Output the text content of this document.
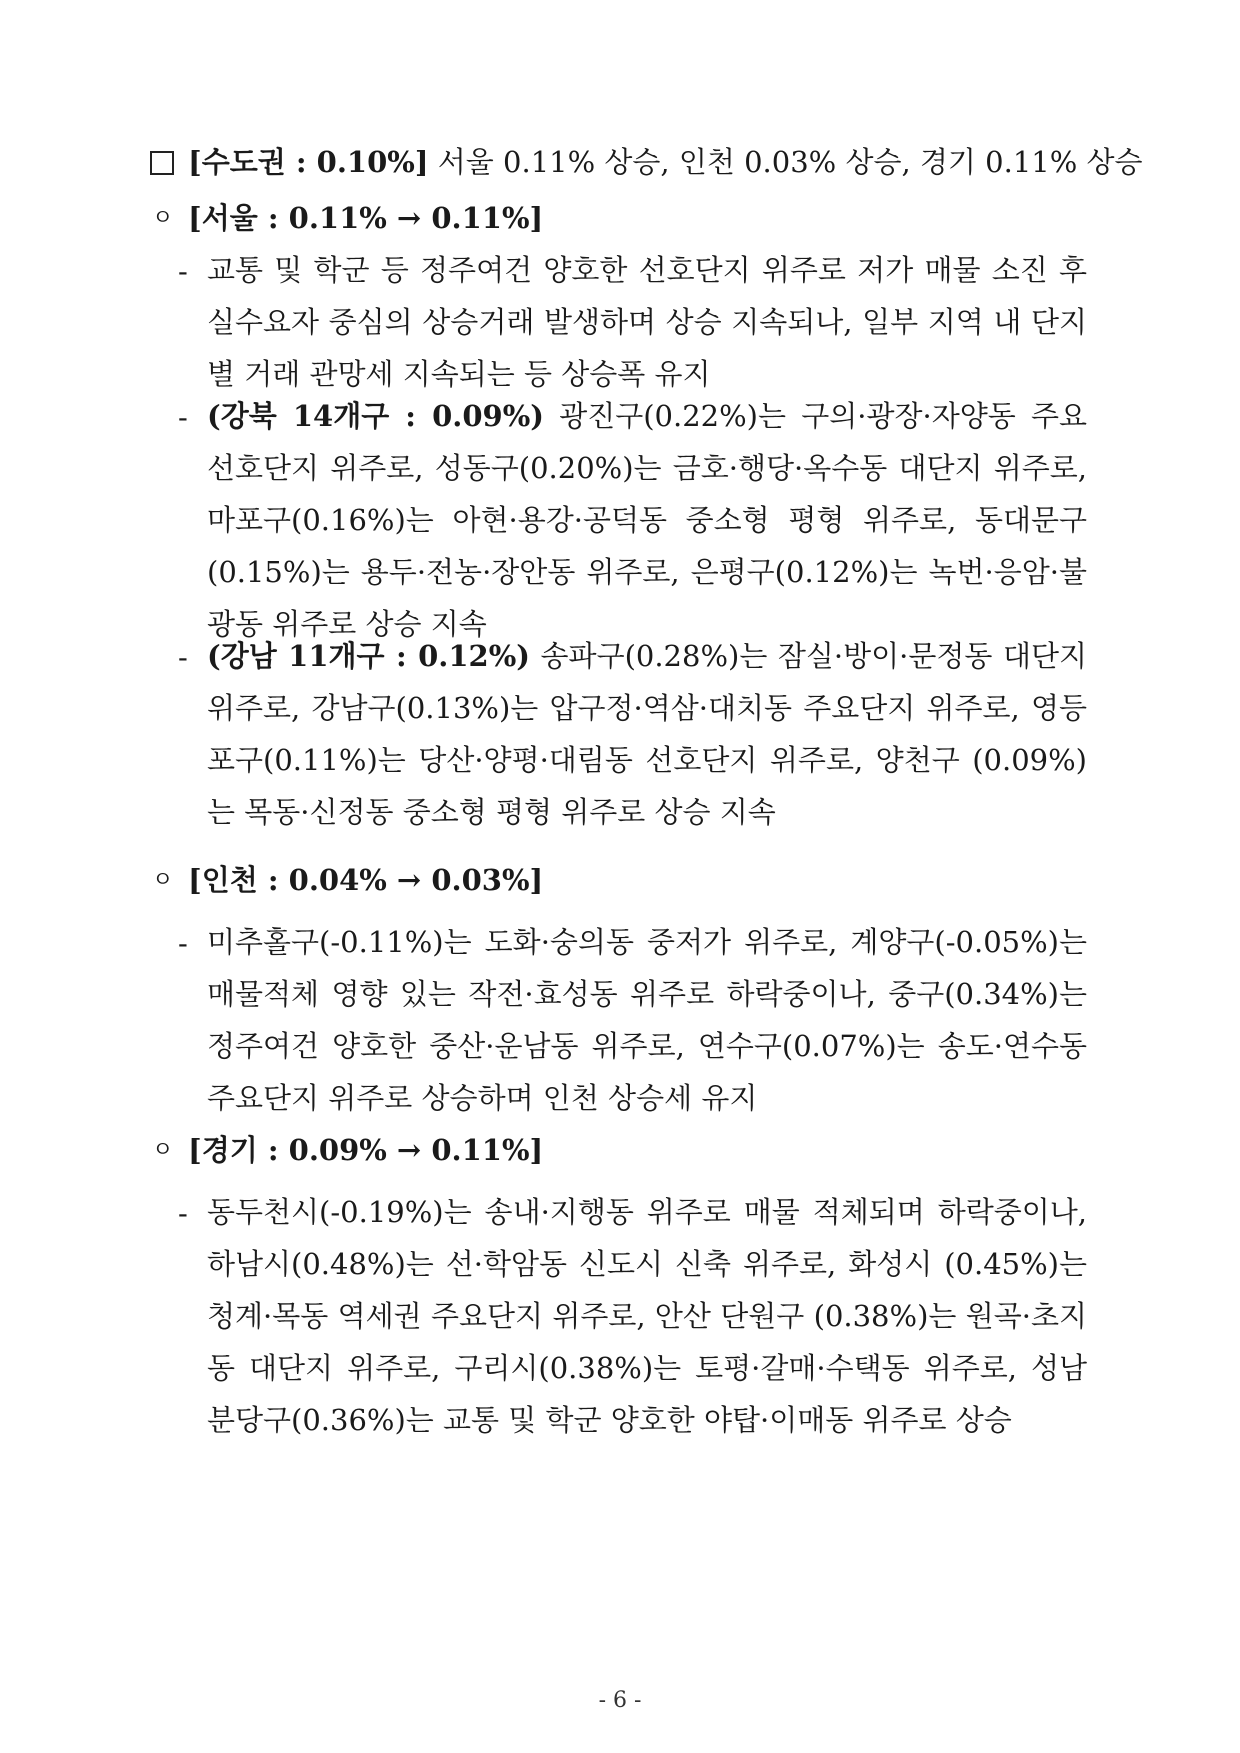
[수도권 : 0.10%] 서울 0.11% 상승, 인천 0.03% 상승, 경기 0.11% 상승
ㅇ [서울 : 0.11% → 0.11%]
- 교통 및 학군 등 정주여건 양호한 선호단지 위주로 저가 매물 소진 후 실수요자 중심의 상승거래 발생하며 상승 지속되나, 일부 지역 내 단지별 거래 관망세 지속되는 등 상승폭 유지
- (강북 14개구 : 0.09%) 광진구(0.22%)는 구의·광장·자양동 주요 선호단지 위주로, 성동구(0.20%)는 금호·행당·옥수동 대단지 위주로, 마포구(0.16%)는 아현·용강·공덕동 중소형 평형 위주로, 동대문구 (0.15%)는 용두·전농·장안동 위주로, 은평구(0.12%)는 녹번·응암·불광동 위주로 상승 지속
- (강남 11개구 : 0.12%) 송파구(0.28%)는 잠실·방이·문정동 대단지 위주로, 강남구(0.13%)는 압구정·역삼·대치동 주요단지 위주로, 영등포구(0.11%)는 당산·양평·대림동 선호단지 위주로, 양천구 (0.09%)는 목동·신정동 중소형 평형 위주로 상승 지속
ㅇ [인천 : 0.04% → 0.03%]
- 미추홀구(-0.11%)는 도화·숭의동 중저가 위주로, 계양구(-0.05%)는 매물적체 영향 있는 작전·효성동 위주로 하락중이나, 중구(0.34%)는 정주여건 양호한 중산·운남동 위주로, 연수구(0.07%)는 송도·연수동 주요단지 위주로 상승하며 인천 상승세 유지
ㅇ [경기 : 0.09% → 0.11%]
- 동두천시(-0.19%)는 송내·지행동 위주로 매물 적체되며 하락중이나, 하남시(0.48%)는 선·학암동 신도시 신축 위주로, 화성시 (0.45%)는 청계·목동 역세권 주요단지 위주로, 안산 단원구 (0.38%)는 원곡·초지동 대단지 위주로, 구리시(0.38%)는 토평·갈매·수택동 위주로, 성남 분당구(0.36%)는 교통 및 학군 양호한 야탑·이매동 위주로 상승
- 6 -
